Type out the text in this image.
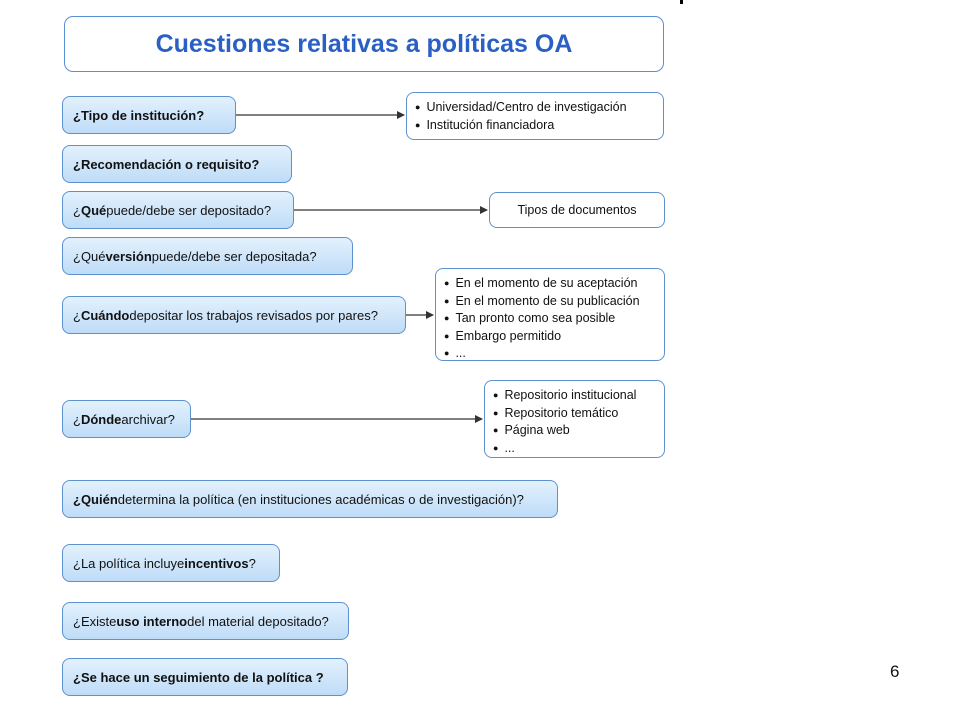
Cuestiones relativas a políticas OA
¿Tipo de institución?
¿Recomendación o requisito?
¿ Qué puede/debe ser depositado?
¿Qué versión puede/debe ser depositada?
¿ Cuándo depositar los trabajos revisados por pares?
¿ Dónde archivar?
¿Quién determina la política (en instituciones académicas o de investigación)?
¿La política incluye incentivos ?
¿Existe uso interno del material depositado?
¿Se hace un seguimiento de la política ?
● Universidad/Centro de investigación
● Institución financiadora
Tipos de documentos
● En el momento de su aceptación
● En el momento de su publicación
● Tan pronto como sea posible
● Embargo permitido
● ...
● Repositorio institucional
● Repositorio temático
● Página web
● ...
6
